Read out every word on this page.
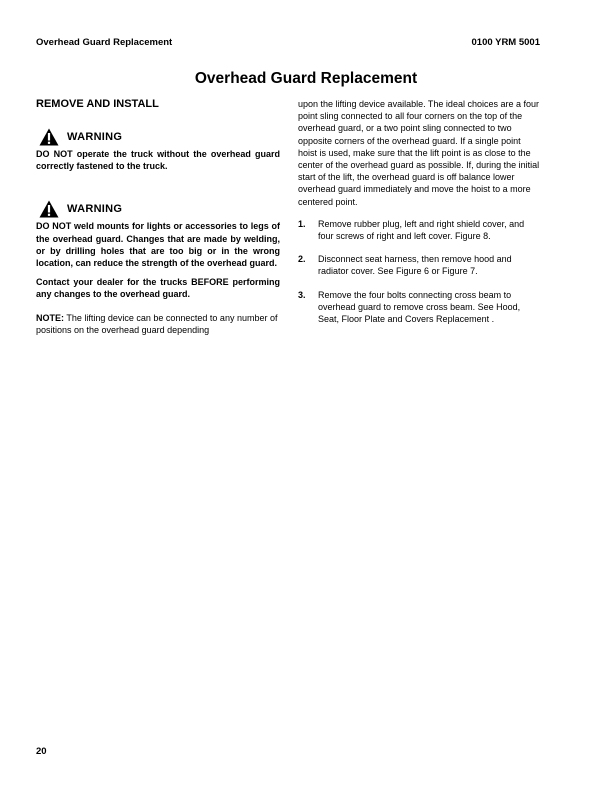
Overhead Guard Replacement	0100 YRM 5001
Overhead Guard Replacement
REMOVE AND INSTALL
WARNING

DO NOT operate the truck without the overhead guard correctly fastened to the truck.

WARNING

DO NOT weld mounts for lights or accessories to legs of the overhead guard. Changes that are made by welding, or by drilling holes that are too big or in the wrong location, can reduce the strength of the overhead guard.

Contact your dealer for the trucks BEFORE performing any changes to the overhead guard.

NOTE: The lifting device can be connected to any number of positions on the overhead guard depending

upon the lifting device available. The ideal choices are a four point sling connected to all four corners on the top of the overhead guard, or a two point sling connected to two opposite corners of the overhead guard. If a single point hoist is used, make sure that the lift point is as close to the center of the overhead guard as possible. If, during the initial start of the lift, the overhead guard is off balance lower overhead guard immediately and move the hoist to a more centered point.

1.	Remove rubber plug, left and right shield cover, and four screws of right and left cover. Figure 8.
2.	Disconnect seat harness, then remove hood and radiator cover. See Figure 6 or Figure 7.
3.	Remove the four bolts connecting cross beam to overhead guard to remove cross beam. See Hood, Seat, Floor Plate and Covers Replacement .
20
